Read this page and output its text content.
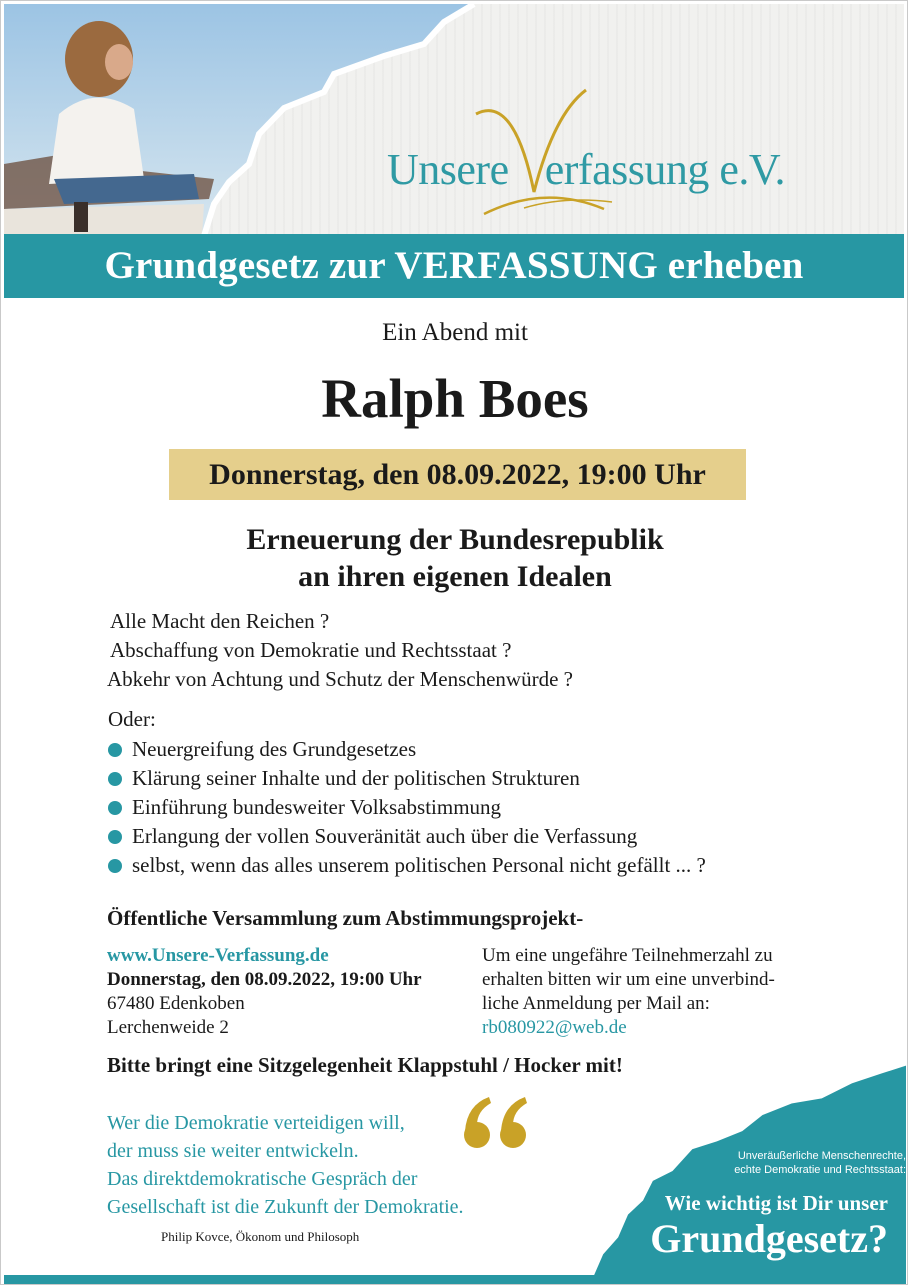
Unsere erfassung e.V.
Grundgesetz zur VERFASSUNG erheben
Ein Abend mit
Ralph Boes
Donnerstag, den 08.09.2022, 19:00 Uhr
Erneuerung der Bundesrepublik
an ihren eigenen Idealen
Alle Macht den Reichen ?
Abschaffung von Demokratie und Rechtsstaat ?
Abkehr von Achtung und Schutz der Menschenwürde ?
Oder:
Neuergreifung des Grundgesetzes
Klärung seiner Inhalte und der politischen Strukturen
Einführung bundesweiter Volksabstimmung
Erlangung der vollen Souveränität auch über die Verfassung
selbst, wenn das alles unserem politischen Personal nicht gefällt ... ?
Öffentliche Versammlung zum Abstimmungsprojekt-
www.Unsere-Verfassung.de
Donnerstag, den 08.09.2022, 19:00 Uhr
67480 Edenkoben
Lerchenweide 2
Um eine ungefähre Teilnehmerzahl zu
erhalten bitten wir um eine unverbind-
liche Anmeldung per Mail an:
rb080922@web.de
Bitte bringt eine Sitzgelegenheit Klappstuhl / Hocker mit!
Wer die Demokratie verteidigen will,
der muss sie weiter entwickeln.
Das direktdemokratische Gespräch der
Gesellschaft ist die Zukunft der Demokratie.
Philip Kovce, Ökonom und Philosoph
Unveräußerliche Menschenrechte,
echte Demokratie und Rechtsstaat:
Wie wichtig ist Dir unser
Grundgesetz?
